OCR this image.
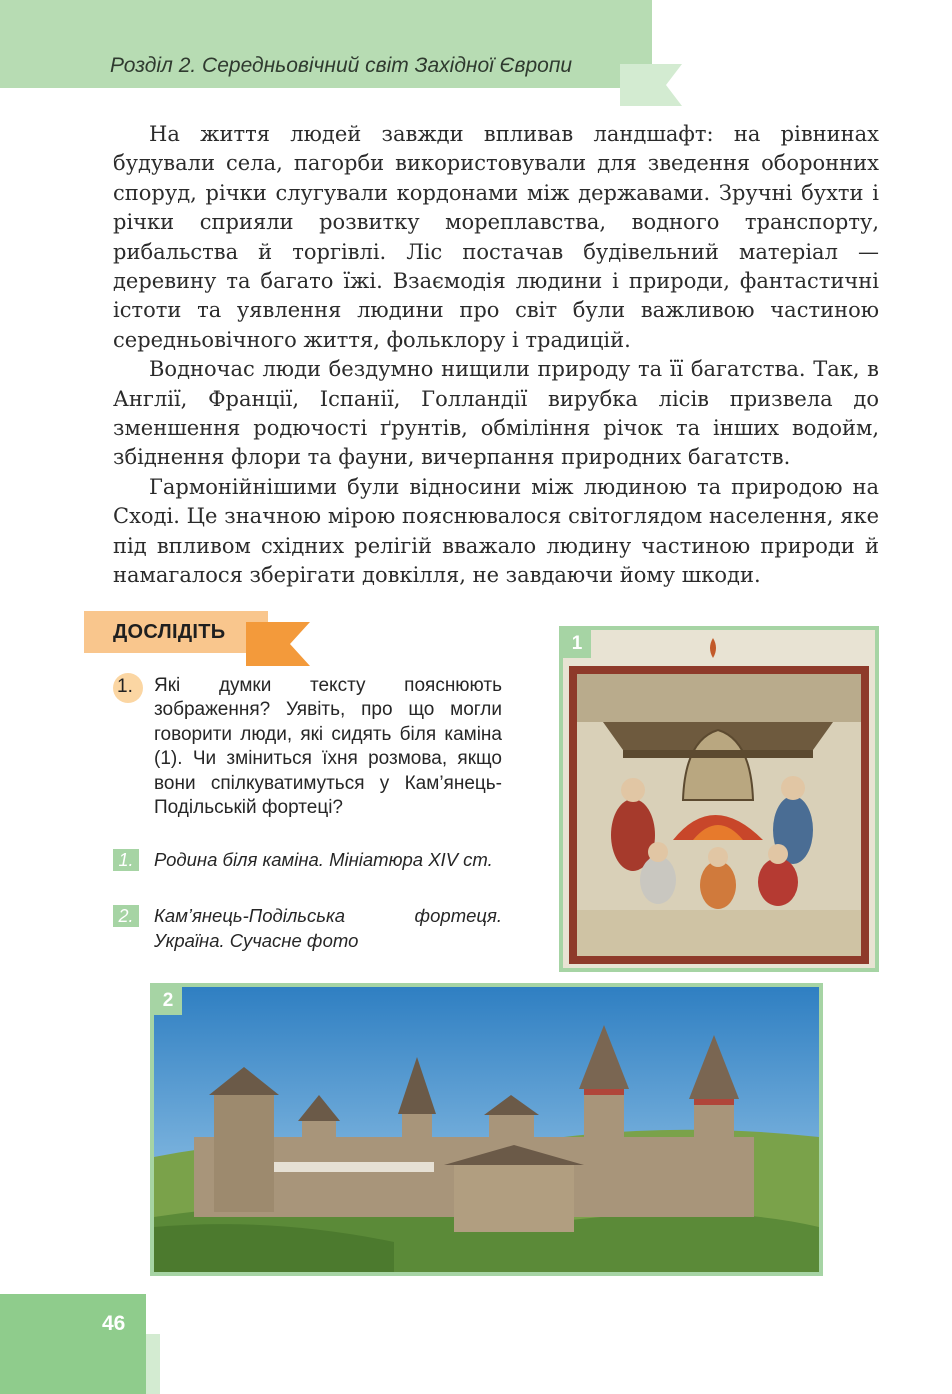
Розділ 2. Середньовічний світ Західної Європи

На життя людей завжди впливав ландшафт: на рівнинах будували села, пагорби використовували для зведення оборонних споруд, річки слугували кордонами між державами. Зручні бухти і річки сприяли розвитку мореплавства, водного транспорту, рибальства й торгівлі. Ліс постачав будівельний матеріал — деревину та багато їжі. Взаємодія людини і природи, фантастичні істоти та уявлення людини про світ були важливою частиною середньовічного життя, фольклору і традицій.

Водночас люди бездумно нищили природу та її багатства. Так, в Англії, Франції, Іспанії, Голландії вирубка лісів призвела до зменшення родючості ґрунтів, обміління річок та інших водойм, збіднення флори та фауни, вичерпання природних багатств.

Гармонійнішими були відносини між людиною та природою на Сході. Це значною мірою пояснювалося світоглядом населення, яке під впливом східних релігій вважало людину частиною природи й намагалося зберігати довкілля, не завдаючи йому шкоди.

ДОСЛІДІТЬ
1. Які думки тексту пояснюють зображення? Уявіть, про що могли говорити люди, які сидять біля каміна (1). Чи зміниться їхня розмова, якщо вони спілкуватимуться у Кам’янець-Подільській фортеці?
1. Родина біля каміна. Мініатюра XIV ст.
2. Кам’янець-Подільська фортеця. Україна. Сучасне фото
1
2
46
